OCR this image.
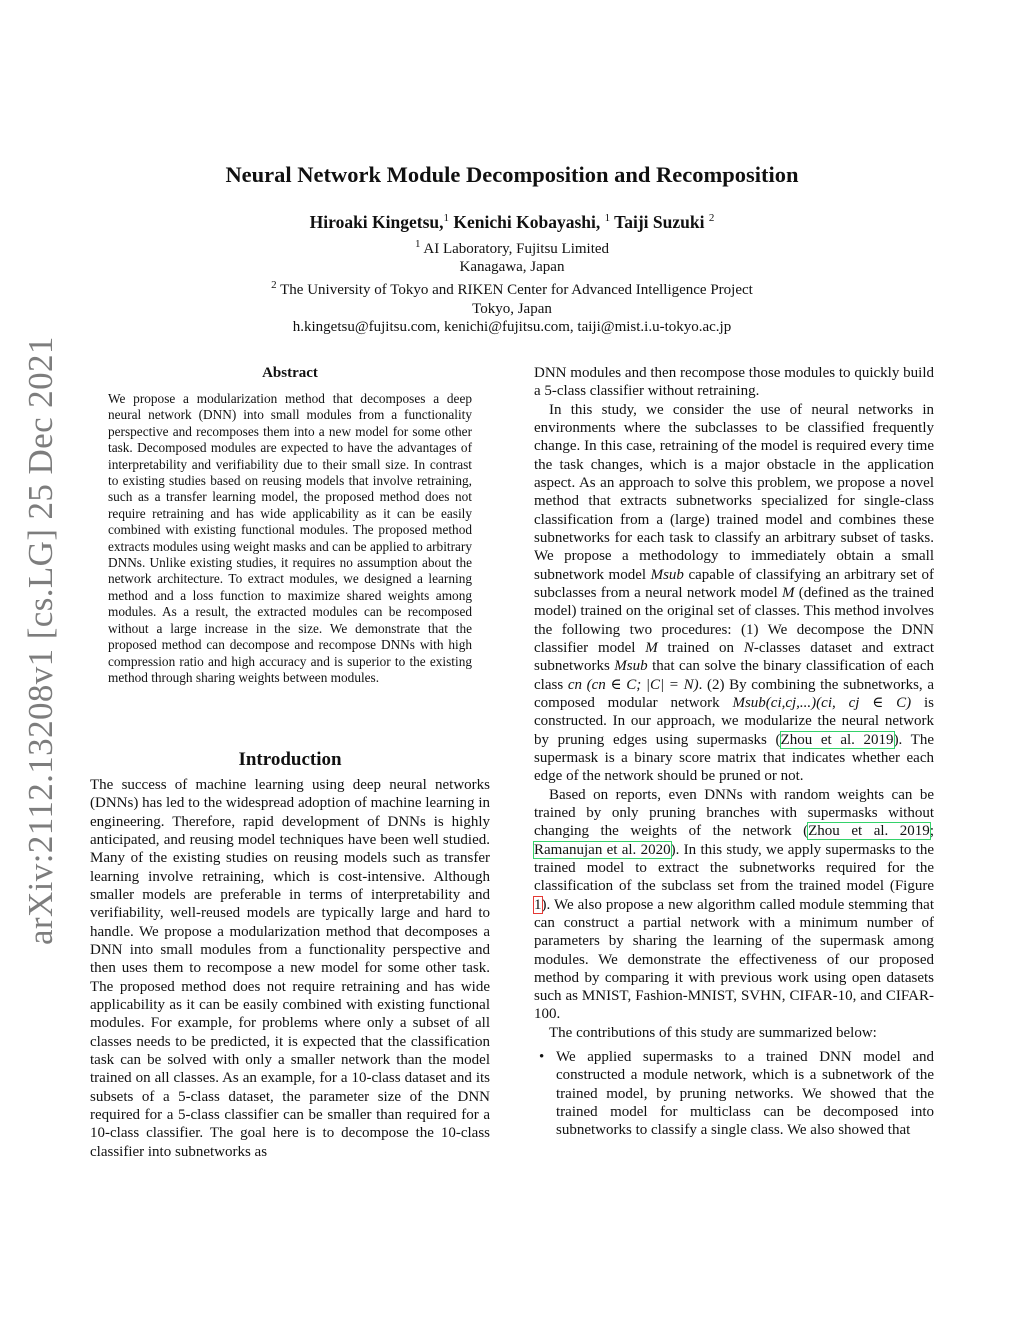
arXiv:2112.13208v1 [cs.LG] 25 Dec 2021
Neural Network Module Decomposition and Recomposition
Hiroaki Kingetsu,$^1$ Kenichi Kobayashi, $^1$ Taiji Suzuki $^2$
$^1$ AI Laboratory, Fujitsu Limited
Kanagawa, Japan
$^2$ The University of Tokyo and RIKEN Center for Advanced Intelligence Project
Tokyo, Japan
h.kingetsu@fujitsu.com, kenichi@fujitsu.com, taiji@mist.i.u-tokyo.ac.jp
Abstract
We propose a modularization method that decomposes a deep neural network (DNN) into small modules from a functionality perspective and recomposes them into a new model for some other task. Decomposed modules are expected to have the advantages of interpretability and verifiability due to their small size. In contrast to existing studies based on reusing models that involve retraining, such as a transfer learning model, the proposed method does not require retraining and has wide applicability as it can be easily combined with existing functional modules. The proposed method extracts modules using weight masks and can be applied to arbitrary DNNs. Unlike existing studies, it requires no assumption about the network architecture. To extract modules, we designed a learning method and a loss function to maximize shared weights among modules. As a result, the extracted modules can be recomposed without a large increase in the size. We demonstrate that the proposed method can decompose and recompose DNNs with high compression ratio and high accuracy and is superior to the existing method through sharing weights between modules.
Introduction

The success of machine learning using deep neural networks (DNNs) has led to the widespread adoption of machine learning in engineering. Therefore, rapid development of DNNs is highly anticipated, and reusing model techniques have been well studied. Many of the existing studies on reusing models such as transfer learning involve retraining, which is cost-intensive. Although smaller models are preferable in terms of interpretability and verifiability, well-reused models are typically large and hard to handle. We propose a modularization method that decomposes a DNN into small modules from a functionality perspective and then uses them to recompose a new model for some other task. The proposed method does not require retraining and has wide applicability as it can be easily combined with existing functional modules. For example, for problems where only a subset of all classes needs to be predicted, it is expected that the classification task can be solved with only a smaller network than the model trained on all classes. As an example, for a 10-class dataset and its subsets of a 5-class dataset, the parameter size of the DNN required for a 5-class classifier can be smaller than required for a 10-class classifier. The goal here is to decompose the 10-class classifier into subnetworks as

DNN modules and then recompose those modules to quickly build a 5-class classifier without retraining.

In this study, we consider the use of neural networks in environments where the subclasses to be classified frequently change. In this case, retraining of the model is required every time the task changes, which is a major obstacle in the application aspect. As an approach to solve this problem, we propose a novel method that extracts subnetworks specialized for single-class classification from a (large) trained model and combines these subnetworks for each task to classify an arbitrary subset of tasks. We propose a methodology to immediately obtain a small subnetwork model Msub capable of classifying an arbitrary set of subclasses from a neural network model M (defined as the trained model) trained on the original set of classes. This method involves the following two procedures: (1) We decompose the DNN classifier model M trained on N-classes dataset and extract subnetworks Msub that can solve the binary classification of each class cn (cn ∈ C; |C| = N). (2) By combining the subnetworks, a composed modular network Msub(ci,cj,...)(ci, cj ∈ C) is constructed. In our approach, we modularize the neural network by pruning edges using supermasks (Zhou et al. 2019). The supermask is a binary score matrix that indicates whether each edge of the network should be pruned or not.

Based on reports, even DNNs with random weights can be trained by only pruning branches with supermasks without changing the weights of the network (Zhou et al. 2019; Ramanujan et al. 2020). In this study, we apply supermasks to the trained model to extract the subnetworks required for the classification of the subclass set from the trained model (Figure 1). We also propose a new algorithm called module stemming that can construct a partial network with a minimum number of parameters by sharing the learning of the supermask among modules. We demonstrate the effectiveness of our proposed method by comparing it with previous work using open datasets such as MNIST, Fashion-MNIST, SVHN, CIFAR-10, and CIFAR-100.

The contributions of this study are summarized below:

• We applied supermasks to a trained DNN model and constructed a module network, which is a subnetwork of the trained model, by pruning networks. We showed that the trained model for multiclass can be decomposed into subnetworks to classify a single class. We also showed that
